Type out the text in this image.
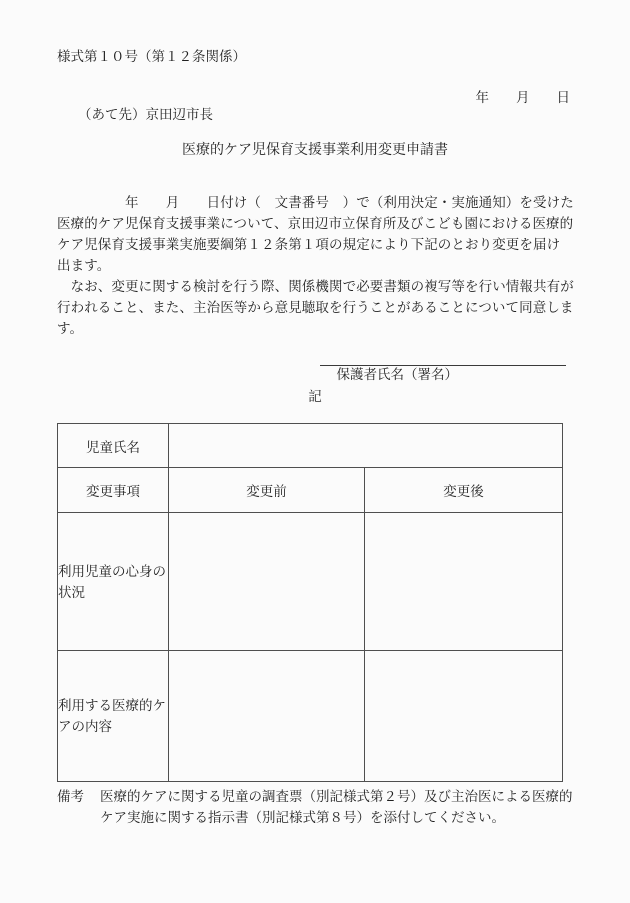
様式第１０号（第１２条関係）
年　　月　　日
（あて先）京田辺市長
医療的ケア児保育支援事業利用変更申請書
　　　　　年　　月　　日付け（　文書番号　）で（利用決定・実施通知）を受けた
医療的ケア児保育支援事業について、京田辺市立保育所及びこども園における医療的
ケア児保育支援事業実施要綱第１２条第１項の規定により下記のとおり変更を届け
出ます。
　なお、変更に関する検討を行う際、関係機関で必要書類の複写等を行い情報共有が
行われること、また、主治医等から意見聴取を行うことがあることについて同意しま
す。

保護者氏名（署名）

記
児童氏名		
変更事項	変更前	変更後
利用児童の心身の状況		
利用する医療的ケアの内容		
備考 医療的ケアに関する児童の調査票（別記様式第２号）及び主治医による医療的
ケア実施に関する指示書（別記様式第８号）を添付してください。
